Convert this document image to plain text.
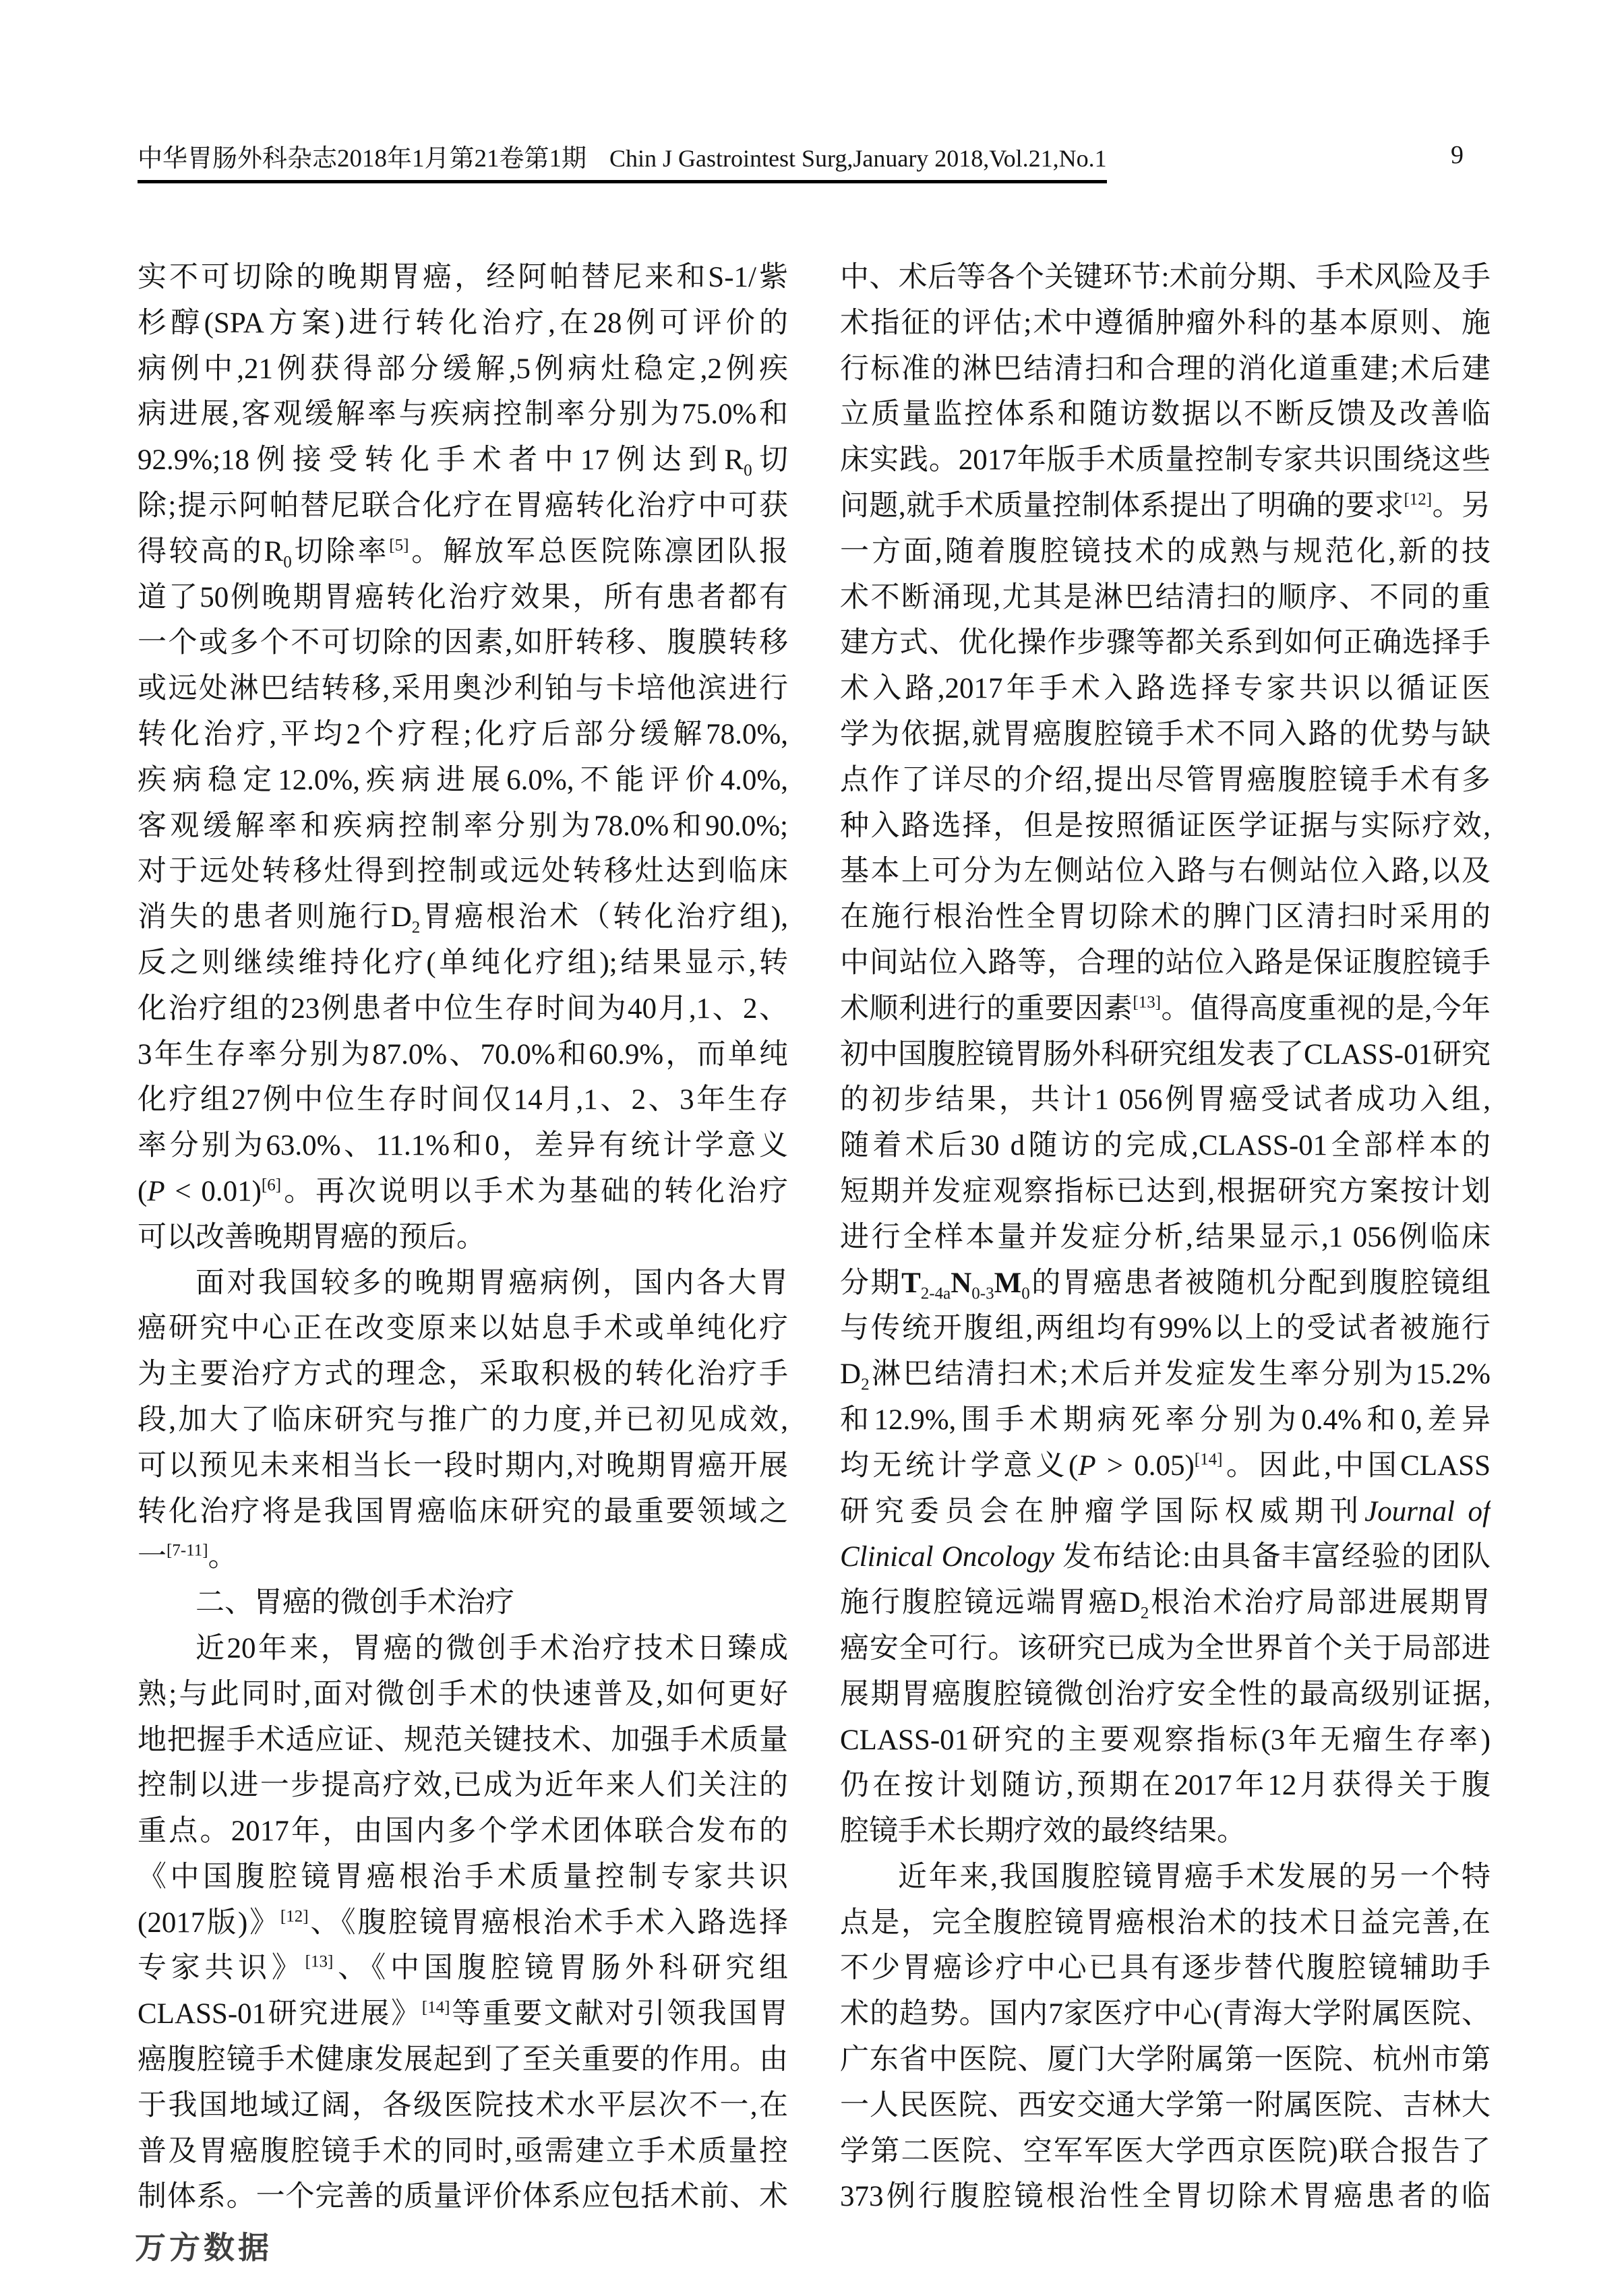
中华胃肠外科杂志2018年1月第21卷第1期 Chin J Gastrointest Surg,January 2018,Vol.21,No.1	9
实不可切除的晚期胃癌，经阿帕替尼来和S-1/紫
杉醇(SPA方案)进行转化治疗,在28例可评价的
病例中,21例获得部分缓解,5例病灶稳定,2例疾
病进展,客观缓解率与疾病控制率分别为75.0%和
92.9%;18例接受转化手术者中17例达到$R_0$切
除;提示阿帕替尼联合化疗在胃癌转化治疗中可获
得较高的$R_0$切除率[5]。解放军总医院陈凛团队报
道了50例晚期胃癌转化治疗效果，所有患者都有
一个或多个不可切除的因素,如肝转移、腹膜转移
或远处淋巴结转移,采用奥沙利铂与卡培他滨进行
转化治疗,平均2个疗程;化疗后部分缓解78.0%,
疾病稳定12.0%,疾病进展6.0%,不能评价4.0%,
客观缓解率和疾病控制率分别为78.0%和90.0%;
对于远处转移灶得到控制或远处转移灶达到临床
消失的患者则施行$D_2$胃癌根治术（转化治疗组),
反之则继续维持化疗(单纯化疗组);结果显示,转
化治疗组的23例患者中位生存时间为40月,1、2、
3年生存率分别为87.0%、70.0%和60.9%，而单纯
化疗组27例中位生存时间仅14月,1、2、3年生存
率分别为63.0%、11.1%和0，差异有统计学意义
(P < 0.01)[6]。再次说明以手术为基础的转化治疗
可以改善晚期胃癌的预后。
面对我国较多的晚期胃癌病例，国内各大胃
癌研究中心正在改变原来以姑息手术或单纯化疗
为主要治疗方式的理念，采取积极的转化治疗手
段,加大了临床研究与推广的力度,并已初见成效,
可以预见未来相当长一段时期内,对晚期胃癌开展
转化治疗将是我国胃癌临床研究的最重要领域之
一[7-11]。
二、胃癌的微创手术治疗
近20年来，胃癌的微创手术治疗技术日臻成
熟;与此同时,面对微创手术的快速普及,如何更好
地把握手术适应证、规范关键技术、加强手术质量
控制以进一步提高疗效,已成为近年来人们关注的
重点。2017年，由国内多个学术团体联合发布的
《中国腹腔镜胃癌根治手术质量控制专家共识
(2017版)》[12]、《腹腔镜胃癌根治术手术入路选择
专家共识》[13]、《中国腹腔镜胃肠外科研究组
CLASS-01研究进展》[14]等重要文献对引领我国胃
癌腹腔镜手术健康发展起到了至关重要的作用。由
于我国地域辽阔，各级医院技术水平层次不一,在
普及胃癌腹腔镜手术的同时,亟需建立手术质量控
制体系。一个完善的质量评价体系应包括术前、术
中、术后等各个关键环节:术前分期、手术风险及手
术指征的评估;术中遵循肿瘤外科的基本原则、施
行标准的淋巴结清扫和合理的消化道重建;术后建
立质量监控体系和随访数据以不断反馈及改善临
床实践。2017年版手术质量控制专家共识围绕这些
问题,就手术质量控制体系提出了明确的要求[12]。另
一方面,随着腹腔镜技术的成熟与规范化,新的技
术不断涌现,尤其是淋巴结清扫的顺序、不同的重
建方式、优化操作步骤等都关系到如何正确选择手
术入路,2017年手术入路选择专家共识以循证医
学为依据,就胃癌腹腔镜手术不同入路的优势与缺
点作了详尽的介绍,提出尽管胃癌腹腔镜手术有多
种入路选择，但是按照循证医学证据与实际疗效,
基本上可分为左侧站位入路与右侧站位入路,以及
在施行根治性全胃切除术的脾门区清扫时采用的
中间站位入路等，合理的站位入路是保证腹腔镜手
术顺利进行的重要因素[13]。值得高度重视的是,今年
初中国腹腔镜胃肠外科研究组发表了CLASS-01研究
的初步结果，共计1 056例胃癌受试者成功入组,
随着术后30 d随访的完成,CLASS-01全部样本的
短期并发症观察指标已达到,根据研究方案按计划
进行全样本量并发症分析,结果显示,1 056例临床
分期$T_{2-4a}N_{0-3}M_0$的胃癌患者被随机分配到腹腔镜组
与传统开腹组,两组均有99%以上的受试者被施行
$D_2$淋巴结清扫术;术后并发症发生率分别为15.2%
和12.9%,围手术期病死率分别为0.4%和0,差异
均无统计学意义(P > 0.05)[14]。因此,中国CLASS
研究委员会在肿瘤学国际权威期刊Journal of
Clinical Oncology 发布结论:由具备丰富经验的团队
施行腹腔镜远端胃癌$D_2$根治术治疗局部进展期胃
癌安全可行。该研究已成为全世界首个关于局部进
展期胃癌腹腔镜微创治疗安全性的最高级别证据,
CLASS-01研究的主要观察指标(3年无瘤生存率)
仍在按计划随访,预期在2017年12月获得关于腹
腔镜手术长期疗效的最终结果。
近年来,我国腹腔镜胃癌手术发展的另一个特
点是，完全腹腔镜胃癌根治术的技术日益完善,在
不少胃癌诊疗中心已具有逐步替代腹腔镜辅助手
术的趋势。国内7家医疗中心(青海大学附属医院、
广东省中医院、厦门大学附属第一医院、杭州市第
一人民医院、西安交通大学第一附属医院、吉林大
学第二医院、空军军医大学西京医院)联合报告了
373例行腹腔镜根治性全胃切除术胃癌患者的临
万方数据
